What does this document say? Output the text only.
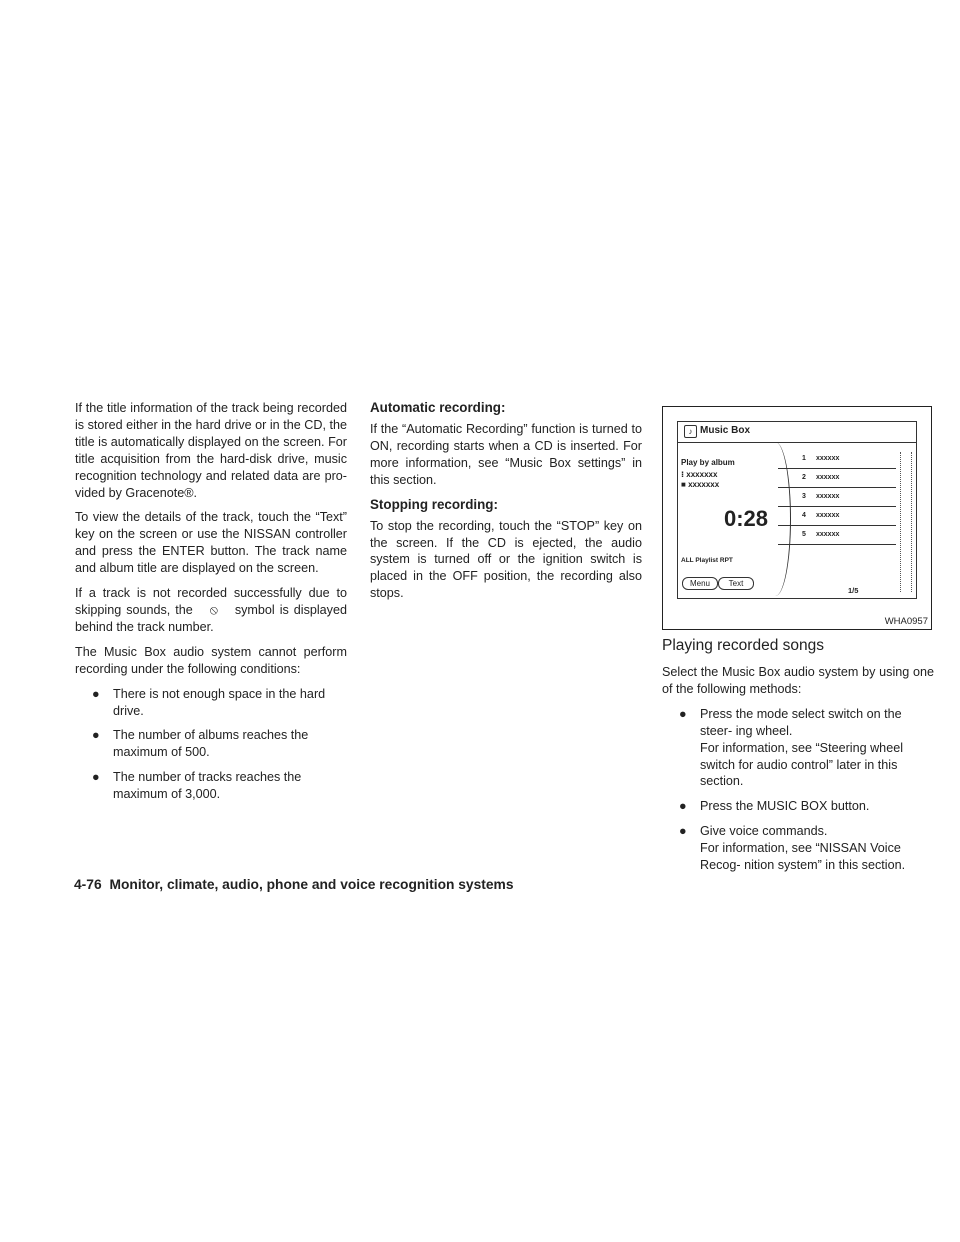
If the title information of the track being recorded is stored either in the hard drive or in the CD, the title is automatically displayed on the screen. For title acquisition from the hard-disk drive, music recognition technology and related data are pro- vided by Gracenote®.

To view the details of the track, touch the “Text” key on the screen or use the NISSAN controller and press the ENTER button. The track name and album title are displayed on the screen.

If a track is not recorded successfully due to skipping sounds, the ⦸ symbol is displayed behind the track number.

The Music Box audio system cannot perform recording under the following conditions:

● There is not enough space in the hard drive.
● The number of albums reaches the maximum of 500.
● The number of tracks reaches the maximum of 3,000.
Automatic recording:

If the “Automatic Recording” function is turned to ON, recording starts when a CD is inserted. For more information, see “Music Box settings” in this section.

Stopping recording:

To stop the recording, touch the “STOP” key on the screen. If the CD is ejected, the audio system is turned off or the ignition switch is placed in the OFF position, the recording also stops.

♪ Music Box
Play by album
⁝ xxxxxxx
■ xxxxxxx
0:28
ALL Playlist RPT
1 xxxxxx
2 xxxxxx
3 xxxxxx
4 xxxxxx
5 xxxxxx
Menu	Text
1/5
WHA0957
Playing recorded songs

Select the Music Box audio system by using one of the following methods:

● Press the mode select switch on the steer- ing wheel.
For information, see “Steering wheel switch for audio control” later in this section.
● Press the MUSIC BOX button.
● Give voice commands.
For information, see “NISSAN Voice Recog- nition system” in this section.
4-76 Monitor, climate, audio, phone and voice recognition systems
